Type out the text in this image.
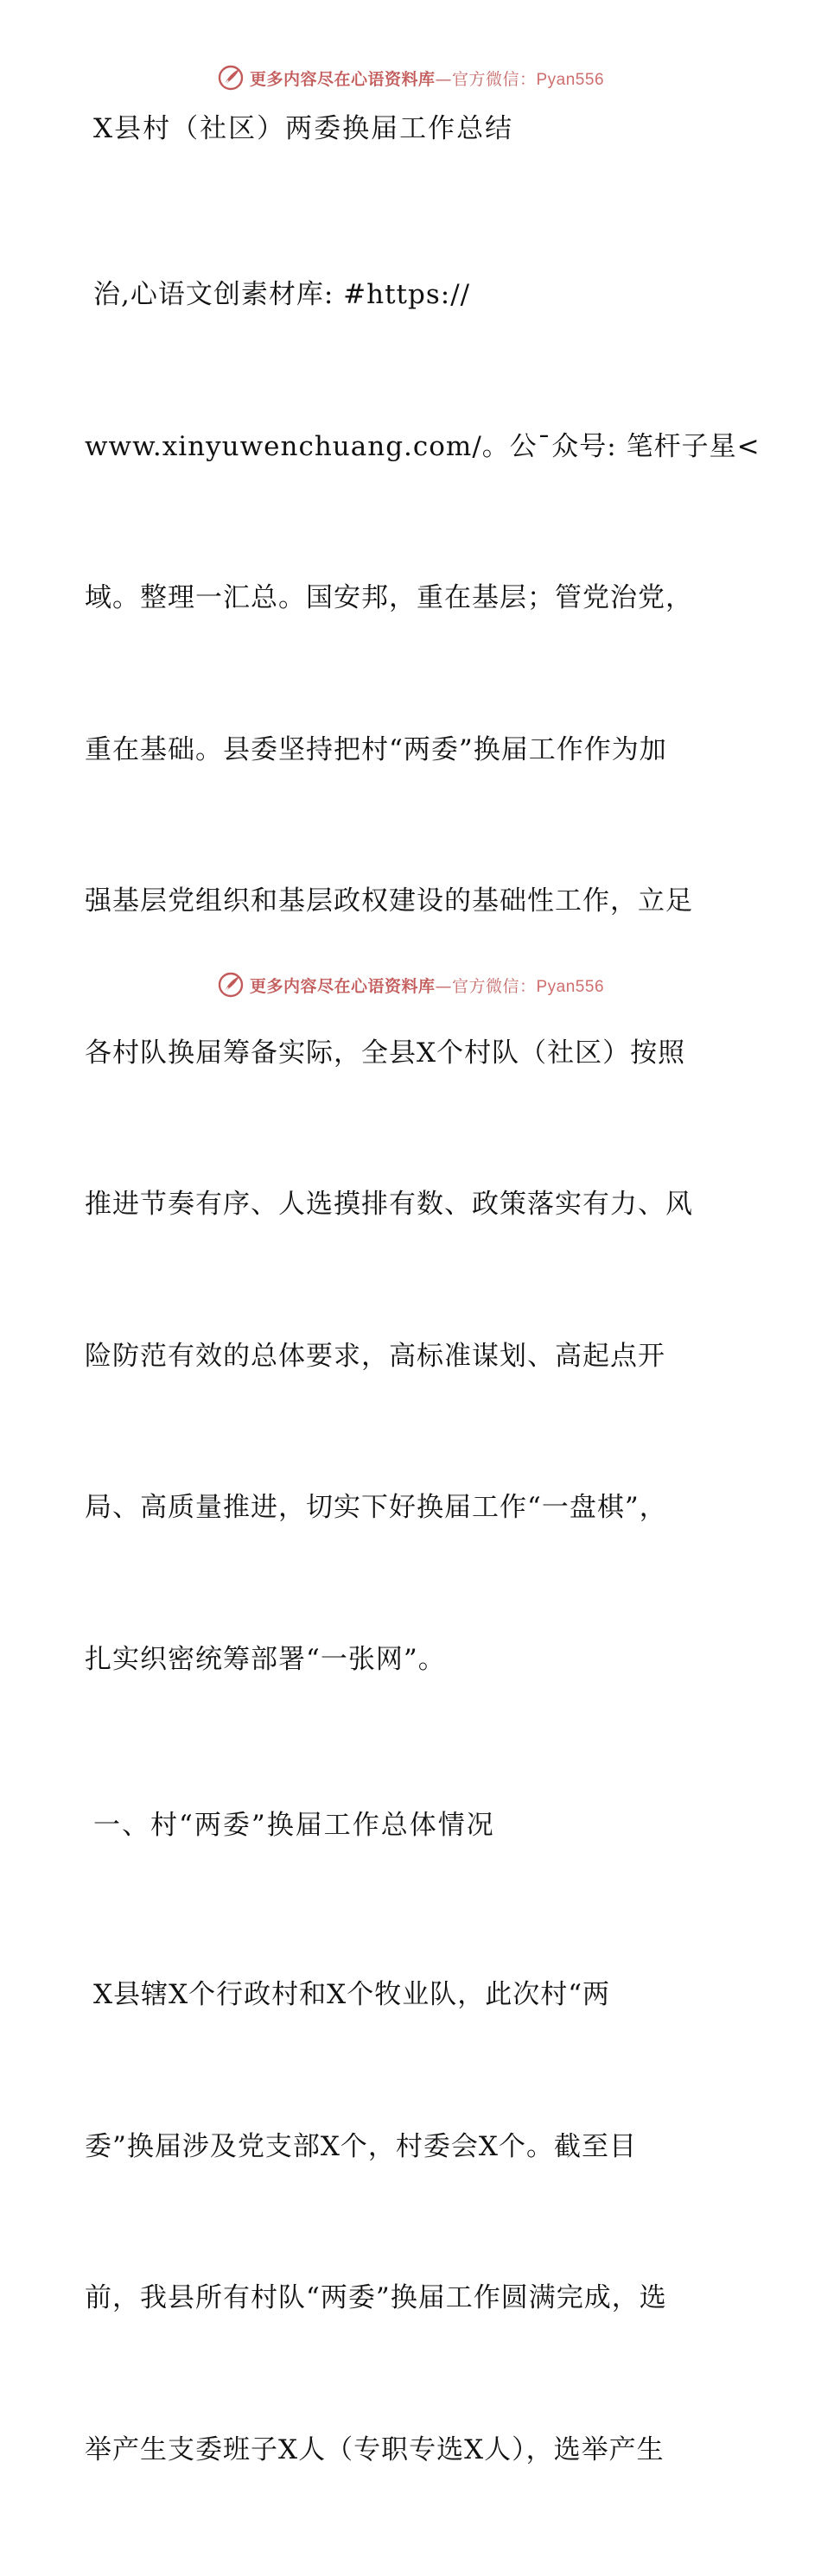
更多内容尽在心语资料库—官方微信：Pyan556
X县村（社区）两委换届工作总结

治,心语文创素材库: #https://

www.xinyuwenchuang.com/。公¯众号: 笔杆子星<

域。整理一汇总。国安邦，重在基层；管党治党，

重在基础。县委坚持把村“两委”换届工作作为加

强基层党组织和基层政权建设的基础性工作，立足

各村队换届筹备实际，全县X个村队（社区）按照

推进节奏有序、人选摸排有数、政策落实有力、风

险防范有效的总体要求，高标准谋划、高起点开

局、高质量推进，切实下好换届工作“一盘棋”，

扎实织密统筹部署“一张网”。

一、村“两委”换届工作总体情况

X县辖X个行政村和X个牧业队，此次村“两

委”换届涉及党支部X个，村委会X个。截至目

前，我县所有村队“两委”换届工作圆满完成，选

举产生支委班子X人（专职专选X人），选举产生

更多内容尽在心语资料库—官方微信：Pyan556
